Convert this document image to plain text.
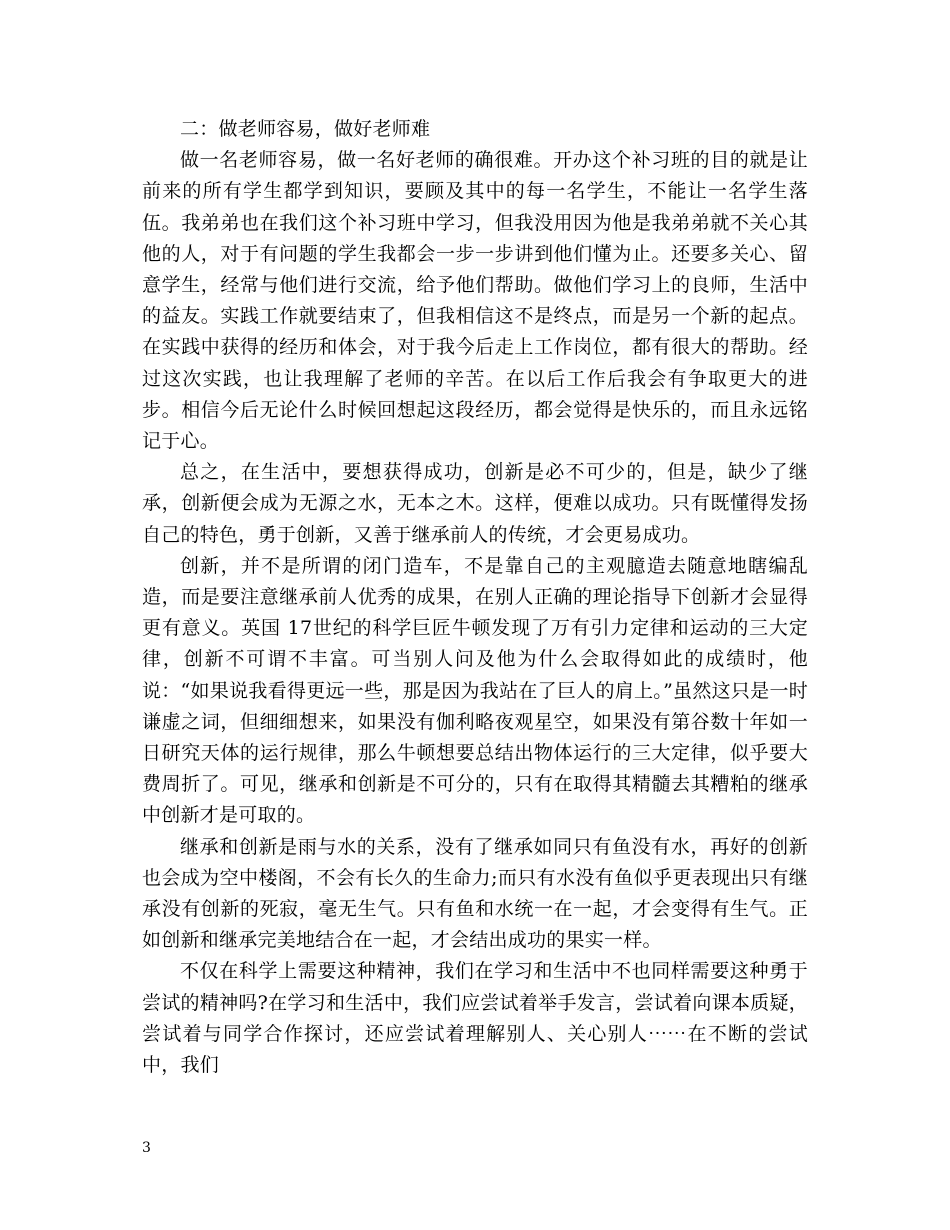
二：做老师容易，做好老师难

做一名老师容易，做一名好老师的确很难。开办这个补习班的目的就是让前来的所有学生都学到知识，要顾及其中的每一名学生，不能让一名学生落伍。我弟弟也在我们这个补习班中学习，但我没用因为他是我弟弟就不关心其他的人，对于有问题的学生我都会一步一步讲到他们懂为止。还要多关心、留意学生，经常与他们进行交流，给予他们帮助。做他们学习上的良师，生活中的益友。实践工作就要结束了，但我相信这不是终点，而是另一个新的起点。在实践中获得的经历和体会，对于我今后走上工作岗位，都有很大的帮助。经过这次实践，也让我理解了老师的辛苦。在以后工作后我会有争取更大的进步。相信今后无论什么时候回想起这段经历，都会觉得是快乐的，而且永远铭记于心。

总之，在生活中，要想获得成功，创新是必不可少的，但是，缺少了继承，创新便会成为无源之水，无本之木。这样，便难以成功。只有既懂得发扬自己的特色，勇于创新，又善于继承前人的传统，才会更易成功。

创新，并不是所谓的闭门造车，不是靠自己的主观臆造去随意地瞎编乱造，而是要注意继承前人优秀的成果，在别人正确的理论指导下创新才会显得更有意义。英国 17世纪的科学巨匠牛顿发现了万有引力定律和运动的三大定律，创新不可谓不丰富。可当别人问及他为什么会取得如此的成绩时，他说：“如果说我看得更远一些，那是因为我站在了巨人的肩上。”虽然这只是一时谦虚之词，但细细想来，如果没有伽利略夜观星空，如果没有第谷数十年如一日研究天体的运行规律，那么牛顿想要总结出物体运行的三大定律，似乎要大费周折了。可见，继承和创新是不可分的，只有在取得其精髓去其糟粕的继承中创新才是可取的。

继承和创新是雨与水的关系，没有了继承如同只有鱼没有水，再好的创新也会成为空中楼阁，不会有长久的生命力;而只有水没有鱼似乎更表现出只有继承没有创新的死寂，毫无生气。只有鱼和水统一在一起，才会变得有生气。正如创新和继承完美地结合在一起，才会结出成功的果实一样。

不仅在科学上需要这种精神，我们在学习和生活中不也同样需要这种勇于尝试的精神吗?在学习和生活中，我们应尝试着举手发言，尝试着向课本质疑，尝试着与同学合作探讨，还应尝试着理解别人、关心别人⋯⋯在不断的尝试中，我们

3
